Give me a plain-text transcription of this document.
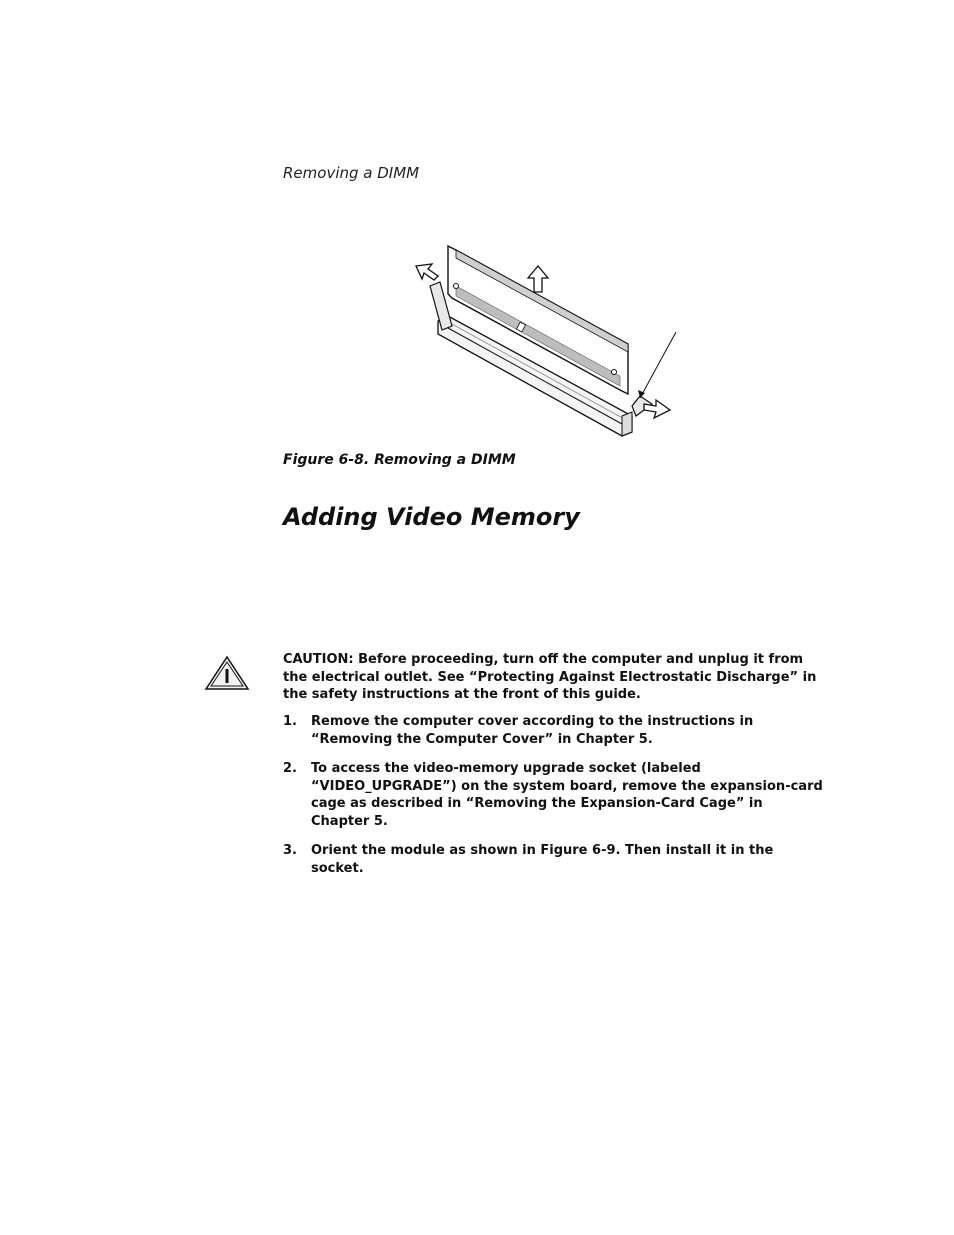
Removing a DIMM

Figure 6-8. Removing a DIMM

Adding Video Memory

CAUTION: Before proceeding, turn off the computer and unplug it from the electrical outlet. See “Protecting Against Electrostatic Discharge” in the safety instructions at the front of this guide.

1. Remove the computer cover according to the instructions in “Removing the Computer Cover” in Chapter 5.
2. To access the video-memory upgrade socket (labeled “VIDEO_UPGRADE”) on the system board, remove the expansion-card cage as described in “Removing the Expansion-Card Cage” in Chapter 5.
3. Orient the module as shown in Figure 6-9. Then install it in the socket.
